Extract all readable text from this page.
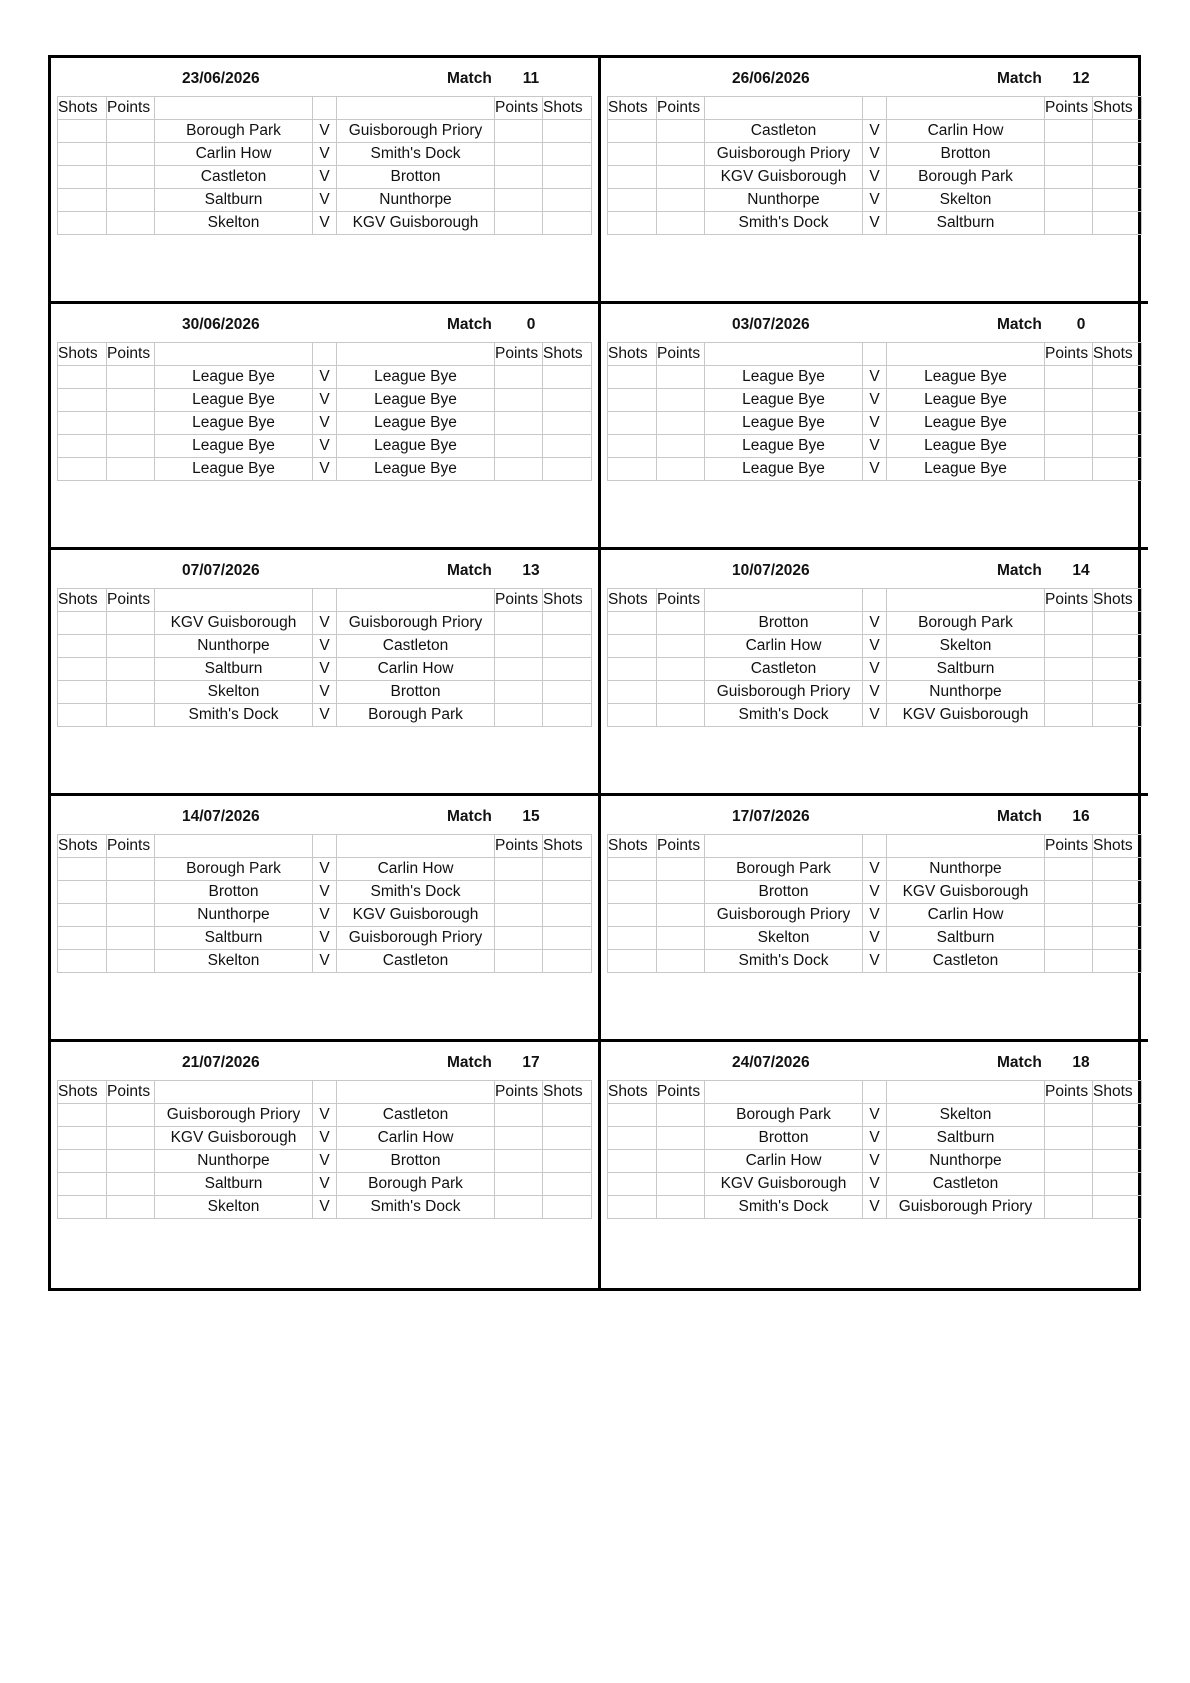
23/06/2026	Match 11
Shots	Points				Points	Shots
		Borough Park	V	Guisborough Priory		
		Carlin How	V	Smith's Dock		
		Castleton	V	Brotton		
		Saltburn	V	Nunthorpe		
		Skelton	V	KGV Guisborough		
26/06/2026	Match 12
Shots	Points				Points	Shots
		Castleton	V	Carlin How		
		Guisborough Priory	V	Brotton		
		KGV Guisborough	V	Borough Park		
		Nunthorpe	V	Skelton		
		Smith's Dock	V	Saltburn		
30/06/2026	Match	0
Shots	Points				Points	Shots
		League Bye	V	League Bye		
		League Bye	V	League Bye		
		League Bye	V	League Bye		
		League Bye	V	League Bye		
		League Bye	V	League Bye		
03/07/2026	Match	0
Shots	Points				Points	Shots
		League Bye	V	League Bye		
		League Bye	V	League Bye		
		League Bye	V	League Bye		
		League Bye	V	League Bye		
		League Bye	V	League Bye		
07/07/2026	Match 13
Shots	Points				Points	Shots
		KGV Guisborough	V	Guisborough Priory		
		Nunthorpe	V	Castleton		
		Saltburn	V	Carlin How		
		Skelton	V	Brotton		
		Smith's Dock	V	Borough Park		
10/07/2026	Match 14
Shots	Points				Points	Shots
		Brotton	V	Borough Park		
		Carlin How	V	Skelton		
		Castleton	V	Saltburn		
		Guisborough Priory	V	Nunthorpe		
		Smith's Dock	V	KGV Guisborough		
14/07/2026	Match 15
Shots	Points				Points	Shots
		Borough Park	V	Carlin How		
		Brotton	V	Smith's Dock		
		Nunthorpe	V	KGV Guisborough		
		Saltburn	V	Guisborough Priory		
		Skelton	V	Castleton		
17/07/2026	Match 16
Shots	Points				Points	Shots
		Borough Park	V	Nunthorpe		
		Brotton	V	KGV Guisborough		
		Guisborough Priory	V	Carlin How		
		Skelton	V	Saltburn		
		Smith's Dock	V	Castleton		
21/07/2026	Match 17
Shots	Points				Points	Shots
		Guisborough Priory	V	Castleton		
		KGV Guisborough	V	Carlin How		
		Nunthorpe	V	Brotton		
		Saltburn	V	Borough Park		
		Skelton	V	Smith's Dock		
24/07/2026	Match 18
Shots	Points				Points	Shots
		Borough Park	V	Skelton		
		Brotton	V	Saltburn		
		Carlin How	V	Nunthorpe		
		KGV Guisborough	V	Castleton		
		Smith's Dock	V	Guisborough Priory		
